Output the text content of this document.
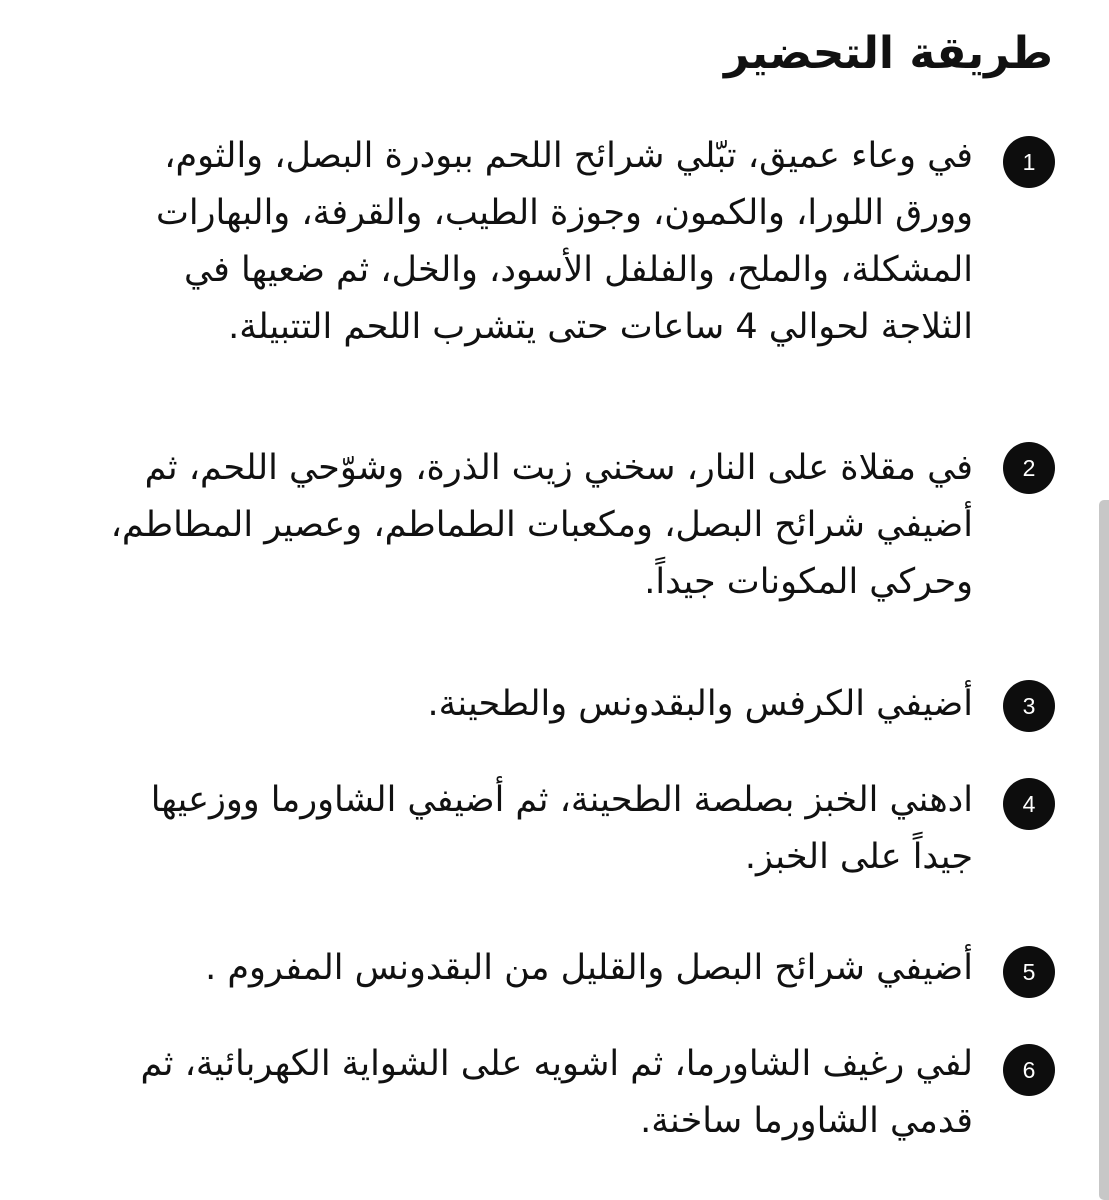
طريقة التحضير
1

في وعاء عميق، تبّلي شرائح اللحم ببودرة البصل، والثوم،
وورق اللورا، والكمون، وجوزة الطيب، والقرفة، والبهارات
المشكلة، والملح، والفلفل الأسود، والخل، ثم ضعيها في
الثلاجة لحوالي 4 ساعات حتى يتشرب اللحم التتبيلة.

2

في مقلاة على النار، سخني زيت الذرة، وشوّحي اللحم، ثم
أضيفي شرائح البصل، ومكعبات الطماطم، وعصير المطاطم،
وحركي المكونات جيداً.

3

أضيفي الكرفس والبقدونس والطحينة.

4

ادهني الخبز بصلصة الطحينة، ثم أضيفي الشاورما ووزعيها
جيداً على الخبز.

5

أضيفي شرائح البصل والقليل من البقدونس المفروم .

6

لفي رغيف الشاورما، ثم اشويه على الشواية الكهربائية، ثم
قدمي الشاورما ساخنة.
